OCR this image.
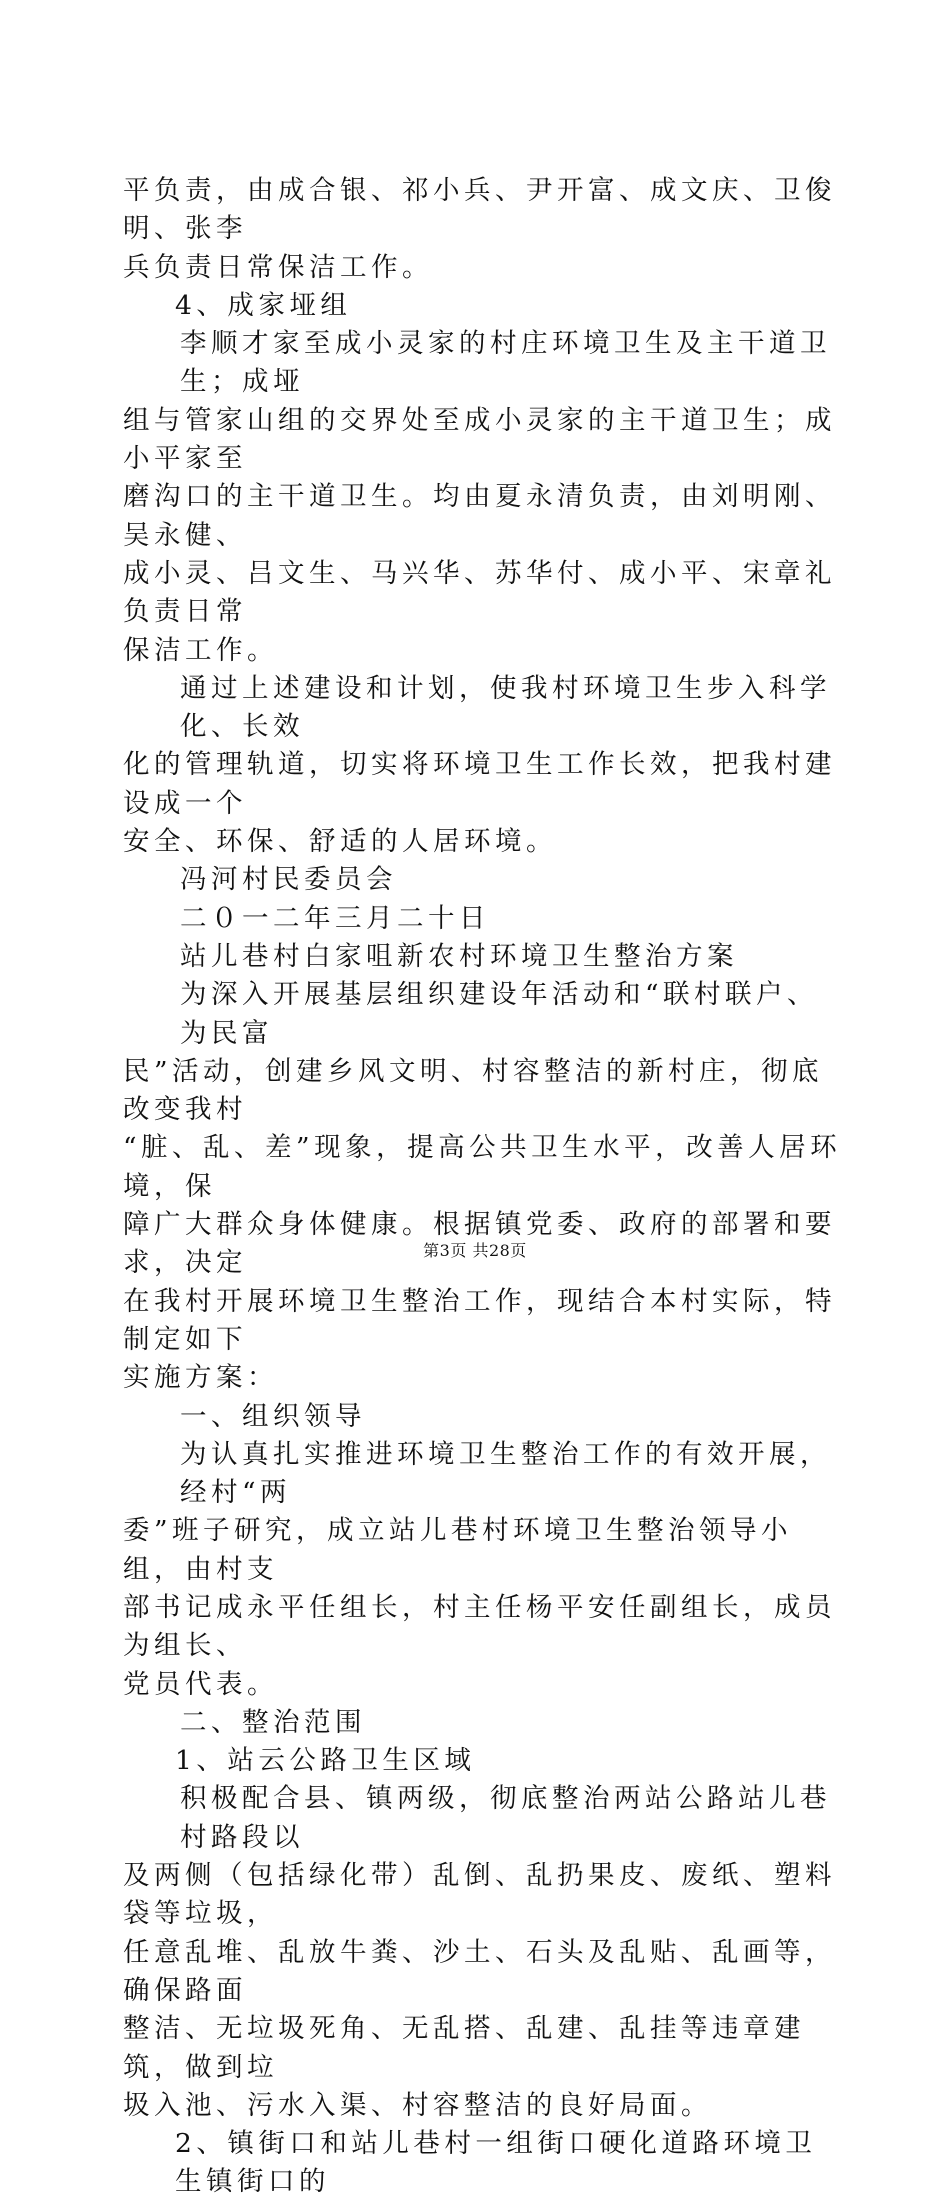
平负责，由成合银、祁小兵、尹开富、成文庆、卫俊明、张李

兵负责日常保洁工作。

4、成家垭组

李顺才家至成小灵家的村庄环境卫生及主干道卫生；成垭

组与管家山组的交界处至成小灵家的主干道卫生；成小平家至

磨沟口的主干道卫生。均由夏永清负责，由刘明刚、吴永健、

成小灵、吕文生、马兴华、苏华付、成小平、宋章礼负责日常

保洁工作。

通过上述建设和计划，使我村环境卫生步入科学化、长效

化的管理轨道，切实将环境卫生工作长效，把我村建设成一个

安全、环保、舒适的人居环境。

冯河村民委员会

二０一二年三月二十日

站儿巷村白家咀新农村环境卫生整治方案

为深入开展基层组织建设年活动和“联村联户、为民富

民”活动，创建乡风文明、村容整洁的新村庄，彻底改变我村

“脏、乱、差”现象，提高公共卫生水平，改善人居环境，保

障广大群众身体健康。根据镇党委、政府的部署和要求，决定

在我村开展环境卫生整治工作，现结合本村实际，特制定如下

实施方案：

一、组织领导

为认真扎实推进环境卫生整治工作的有效开展，经村“两

委”班子研究，成立站儿巷村环境卫生整治领导小组，由村支

部书记成永平任组长，村主任杨平安任副组长，成员为组长、

党员代表。

二、整治范围

1、站云公路卫生区域

积极配合县、镇两级，彻底整治两站公路站儿巷村路段以

及两侧（包括绿化带）乱倒、乱扔果皮、废纸、塑料袋等垃圾，

任意乱堆、乱放牛粪、沙土、石头及乱贴、乱画等，确保路面

整洁、无垃圾死角、无乱搭、乱建、乱挂等违章建筑，做到垃

圾入池、污水入渠、村容整洁的良好局面。

2、镇街口和站儿巷村一组街口硬化道路环境卫生镇街口的

第3页 共28页
